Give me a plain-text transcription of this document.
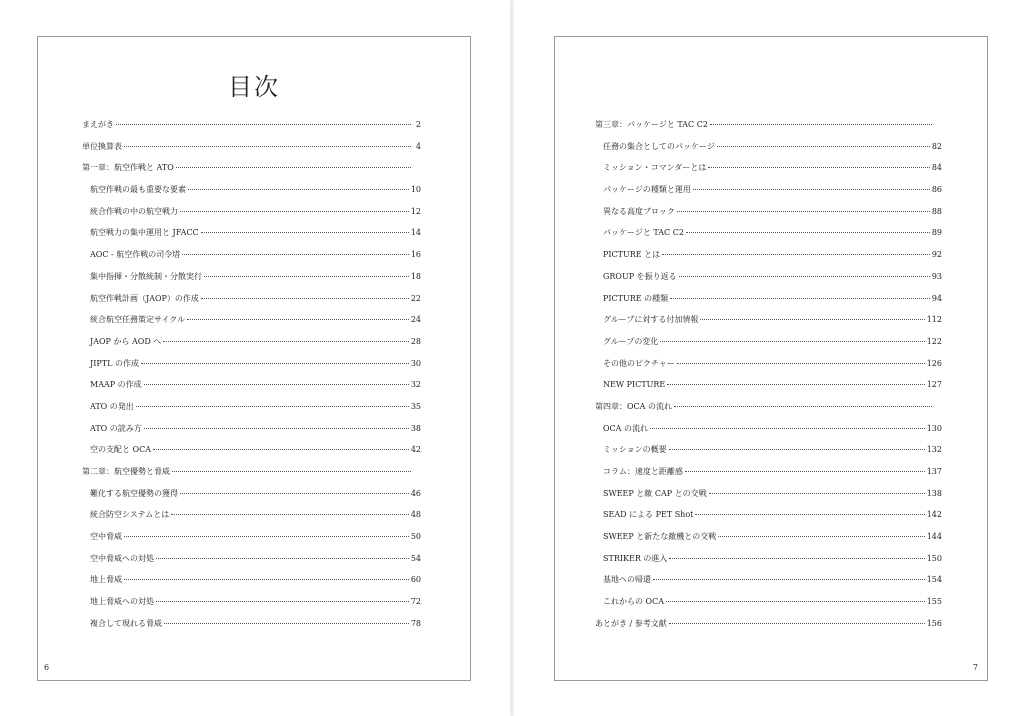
目次
まえがき	2
単位換算表	4
第一章：航空作戦と ATO
航空作戦の最も重要な要素	10
統合作戦の中の航空戦力	12
航空戦力の集中運用と JFACC	14
AOC - 航空作戦の司令塔	16
集中指揮・分散統制・分散実行	18
航空作戦計画（JAOP）の作成	22
統合航空任務策定サイクル	24
JAOP から AOD へ	28
JIPTL の作成	30
MAAP の作成	32
ATO の発出	35
ATO の読み方	38
空の支配と OCA	42
第二章：航空優勢と脅威
難化する航空優勢の獲得	46
統合防空システムとは	48
空中脅威	50
空中脅威への対処	54
地上脅威	60
地上脅威への対処	72
複合して現れる脅威	78
6
第三章：パッケージと TAC C2
任務の集合としてのパッケージ	82
ミッション・コマンダーとは	84
パッケージの種類と運用	86
異なる高度ブロック	88
パッケージと TAC C2	89
PICTURE とは	92
GROUP を振り返る	93
PICTURE の種類	94
グループに対する付加情報	112
グループの変化	122
その他のピクチャー	126
NEW PICTURE	127
第四章：OCA の流れ
OCA の流れ	130
ミッションの概要	132
コラム：速度と距離感	137
SWEEP と敵 CAP との交戦	138
SEAD による PET Shot	142
SWEEP と新たな敵機との交戦	144
STRIKER の進入	150
基地への帰還	154
これからの OCA	155
あとがき / 参考文献	156
7
